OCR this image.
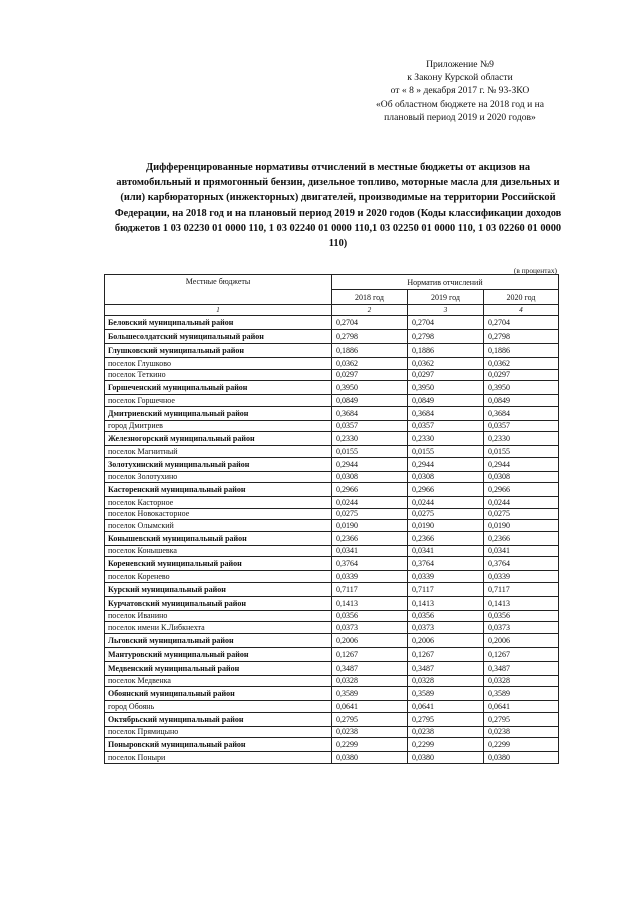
Приложение №9
к Закону Курской области
от « 8 » декабря 2017 г. № 93-ЗКО
«Об областном бюджете на 2018 год и на
плановый период 2019 и 2020 годов»
Дифференцированные нормативы отчислений в местные бюджеты от акцизов на автомобильный и прямогонный бензин, дизельное топливо, моторные масла для дизельных и (или) карбюраторных (инжекторных) двигателей, производимые на территории Российской Федерации, на 2018 год и на плановый период 2019 и 2020 годов (Коды классификации доходов бюджетов 1 03 02230 01 0000 110, 1 03 02240 01 0000 110,1 03 02250 01 0000 110, 1 03 02260 01 0000 110)
(в процентах)
Местные бюджеты	Норматив отчислений		
	2018 год	2019 год	2020 год
1	2	3	4
Беловский муниципальный район	0,2704	0,2704	0,2704
Большесолдатский муниципальный район	0,2798	0,2798	0,2798
Глушковский муниципальный район	0,1886	0,1886	0,1886
поселок Глушково	0,0362	0,0362	0,0362
поселок Теткино	0,0297	0,0297	0,0297
Горшеченский муниципальный район	0,3950	0,3950	0,3950
поселок Горшечное	0,0849	0,0849	0,0849
Дмитриевский муниципальный район	0,3684	0,3684	0,3684
город Дмитриев	0,0357	0,0357	0,0357
Железногорский муниципальный район	0,2330	0,2330	0,2330
поселок Магнитный	0,0155	0,0155	0,0155
Золотухинский муниципальный район	0,2944	0,2944	0,2944
поселок Золотухино	0,0308	0,0308	0,0308
Касторенский муниципальный район	0,2966	0,2966	0,2966
поселок Касторное	0,0244	0,0244	0,0244
поселок Новокасторное	0,0275	0,0275	0,0275
поселок Олымский	0,0190	0,0190	0,0190
Конышевский муниципальный район	0,2366	0,2366	0,2366
поселок Конышевка	0,0341	0,0341	0,0341
Кореневский муниципальный район	0,3764	0,3764	0,3764
поселок Коренево	0,0339	0,0339	0,0339
Курский муниципальный район	0,7117	0,7117	0,7117
Курчатовский муниципальный район	0,1413	0,1413	0,1413
поселок Иванино	0,0356	0,0356	0,0356
поселок имени К.Либкнехта	0,0373	0,0373	0,0373
Льговский муниципальный район	0,2006	0,2006	0,2006
Мантуровский муниципальный район	0,1267	0,1267	0,1267
Медвенский муниципальный район	0,3487	0,3487	0,3487
поселок Медвенка	0,0328	0,0328	0,0328
Обоянский муниципальный район	0,3589	0,3589	0,3589
город Обоянь	0,0641	0,0641	0,0641
Октябрьский муниципальный район	0,2795	0,2795	0,2795
поселок Прямицыно	0,0238	0,0238	0,0238
Поныровский муниципальный район	0,2299	0,2299	0,2299
поселок Поныри	0,0380	0,0380	0,0380
